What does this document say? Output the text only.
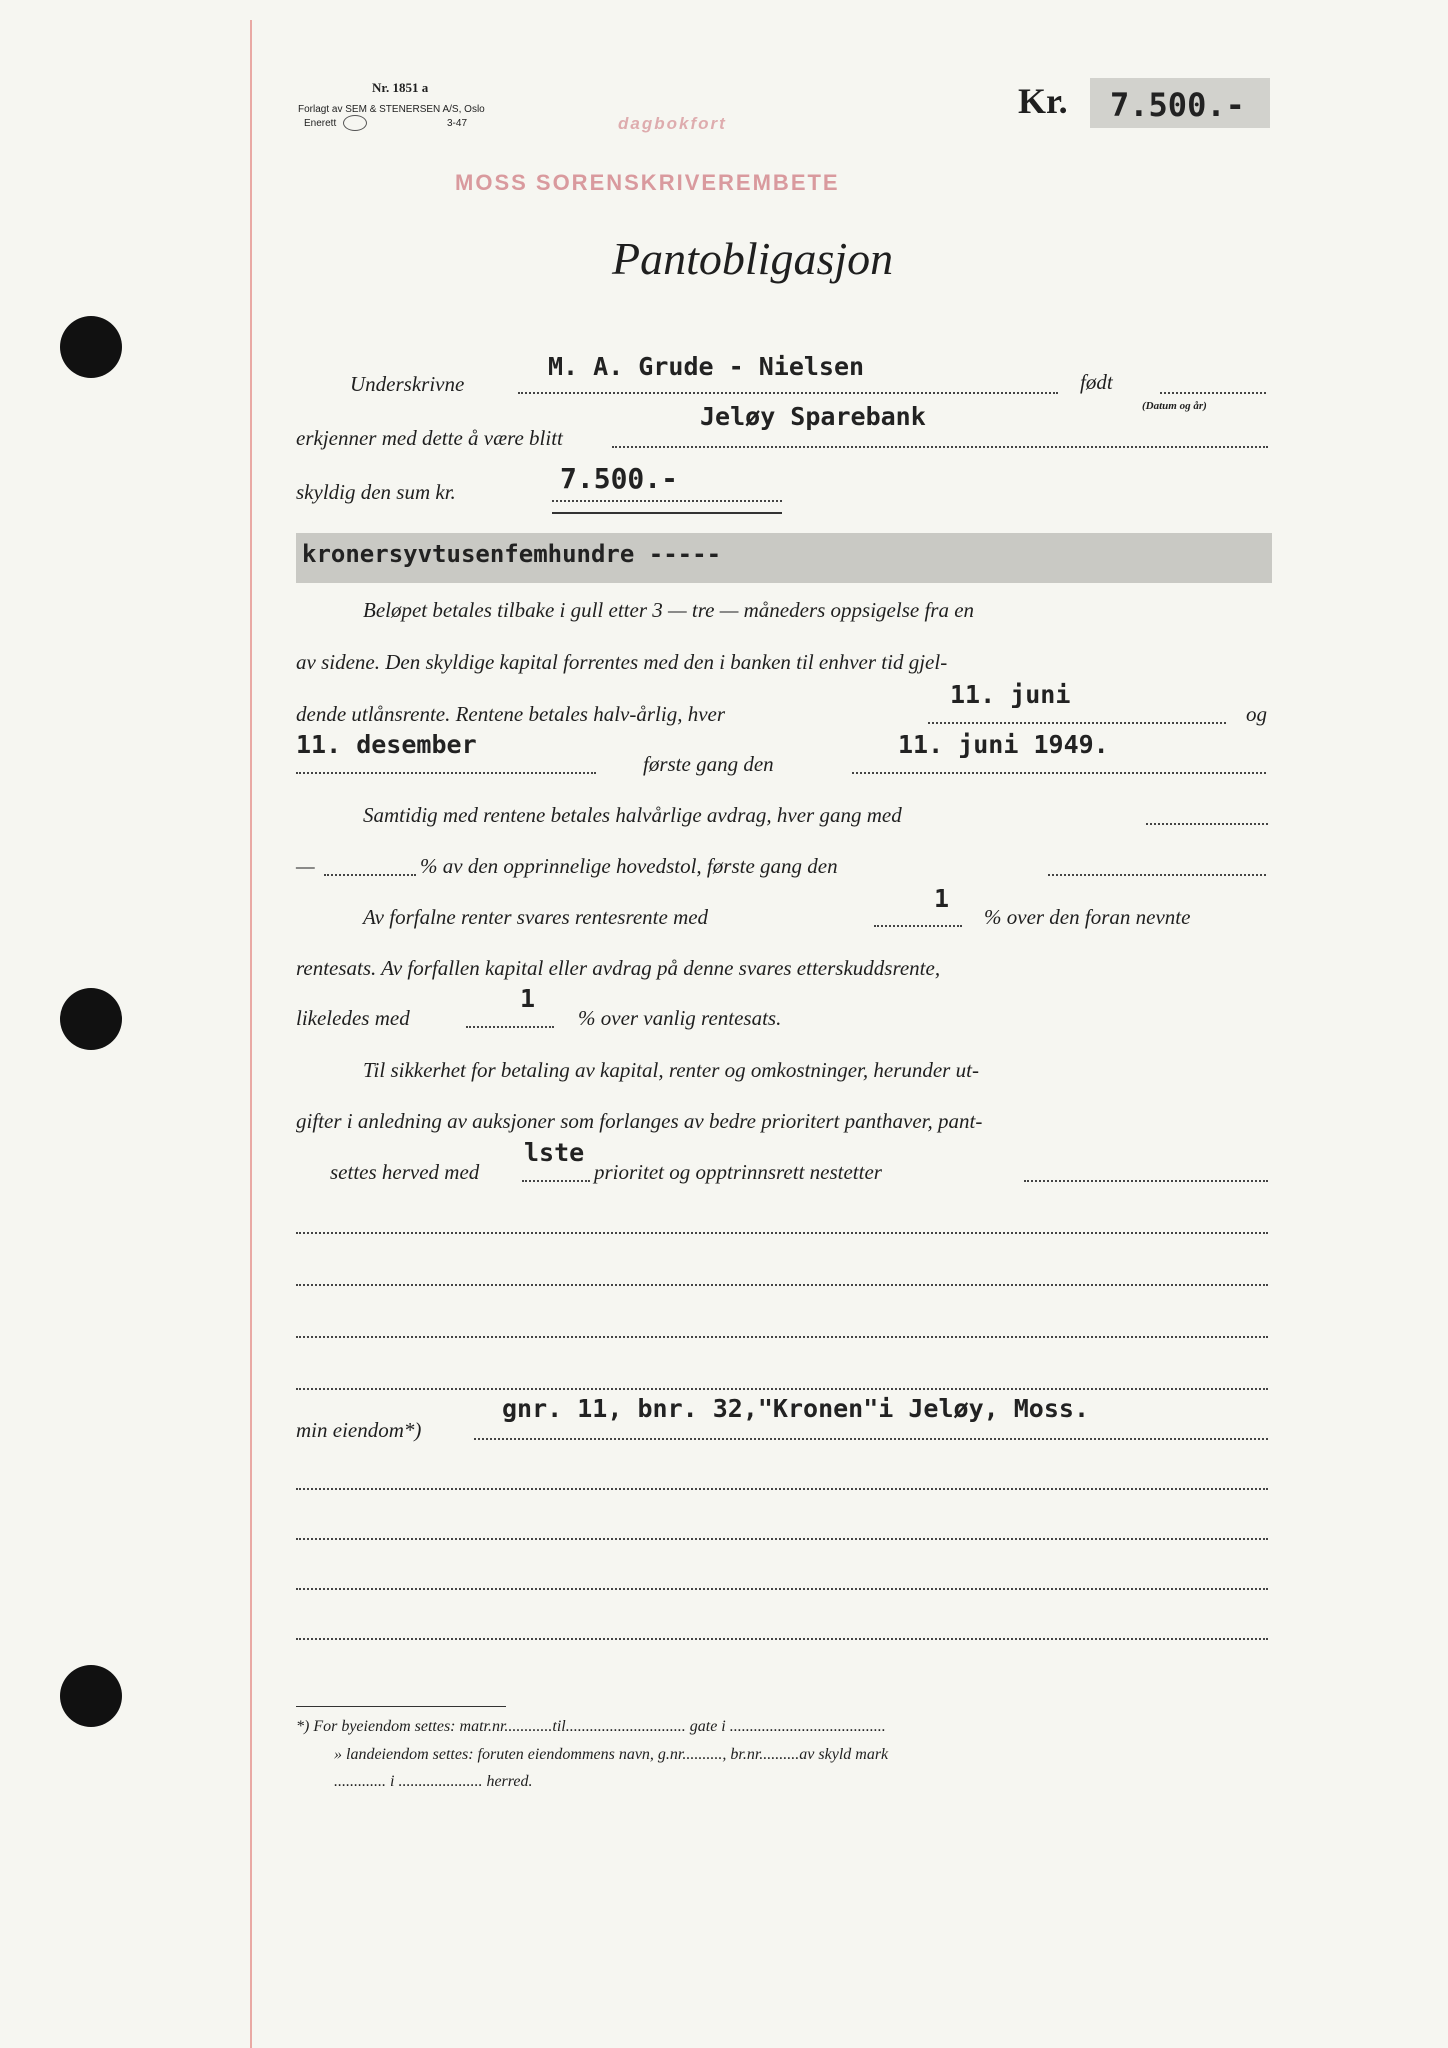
Nr. 1851 a
Forlagt av SEM & STENERSEN A/S, Oslo
Enerett	3-47	dagbokfort
MOSS SORENSKRIVEREMBETE
Kr. 7.500.-
Pantobligasjon
Underskrivne
M. A. Grude - Nielsen
født
(Datum og år)
erkjenner med dette å være blitt
Jeløy Sparebank
skyldig den sum kr.	7.500.-
kronersyvtusenfemhundre -----
Beløpet betales tilbake i gull etter 3 — tre — måneders oppsigelse fra en
av sidene. Den skyldige kapital forrentes med den i banken til enhver tid gjel-
dende utlånsrente. Rentene betales halv-årlig, hver
11. juni
og
11. desember
første gang den
11. juni 1949.
Samtidig med rentene betales halvårlige avdrag, hver gang med
—	% av den opprinnelige hovedstol, første gang den
Av forfalne renter svares rentesrente med
1
% over den foran nevnte
rentesats. Av forfallen kapital eller avdrag på denne svares etterskuddsrente,
likeledes med
1
% over vanlig rentesats.
Til sikkerhet for betaling av kapital, renter og omkostninger, herunder ut-
gifter i anledning av auksjoner som forlanges av bedre prioritert panthaver, pant-
settes herved med
lste
prioritet og opptrinnsrett nestetter
min eiendom*)
gnr. 11, bnr. 32,"Kronen"i Jeløy, Moss.
*) For byeiendom settes: matr.nr............til.............................. gate i .......................................
» landeiendom settes: foruten eiendommens navn, g.nr.........., br.nr..........av skyld mark
............. i ..................... herred.
